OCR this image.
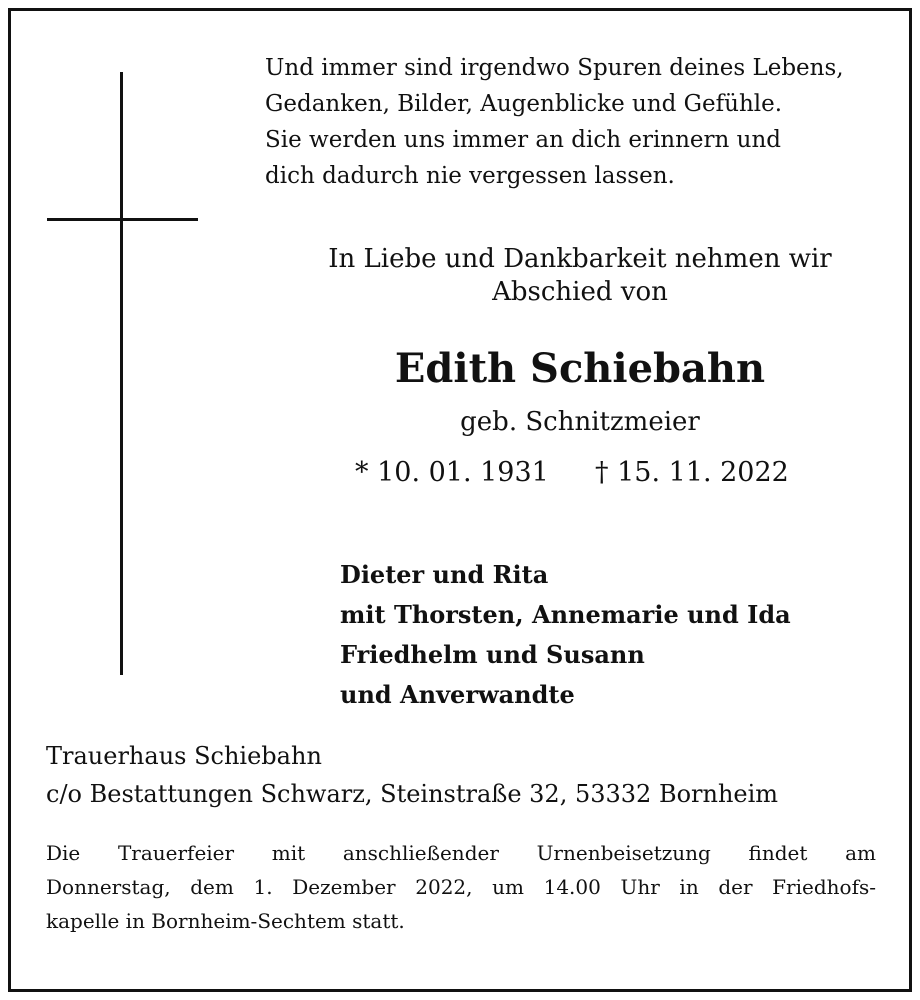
Und immer sind irgendwo Spuren deines Lebens,
Gedanken, Bilder, Augenblicke und Gefühle.
Sie werden uns immer an dich erinnern und
dich dadurch nie vergessen lassen.
In Liebe und Dankbarkeit nehmen wir
Abschied von
Edith Schiebahn
geb. Schnitzmeier
* 10. 01. 1931 † 15. 11. 2022
Dieter und Rita
mit Thorsten, Annemarie und Ida
Friedhelm und Susann
und Anverwandte
Trauerhaus Schiebahn
c/o Bestattungen Schwarz, Steinstraße 32, 53332 Bornheim
Die Trauerfeier mit anschließender Urnenbeisetzung findet am
Donnerstag, dem 1. Dezember 2022, um 14.00 Uhr in der Friedhofs-
kapelle in Bornheim-Sechtem statt.
